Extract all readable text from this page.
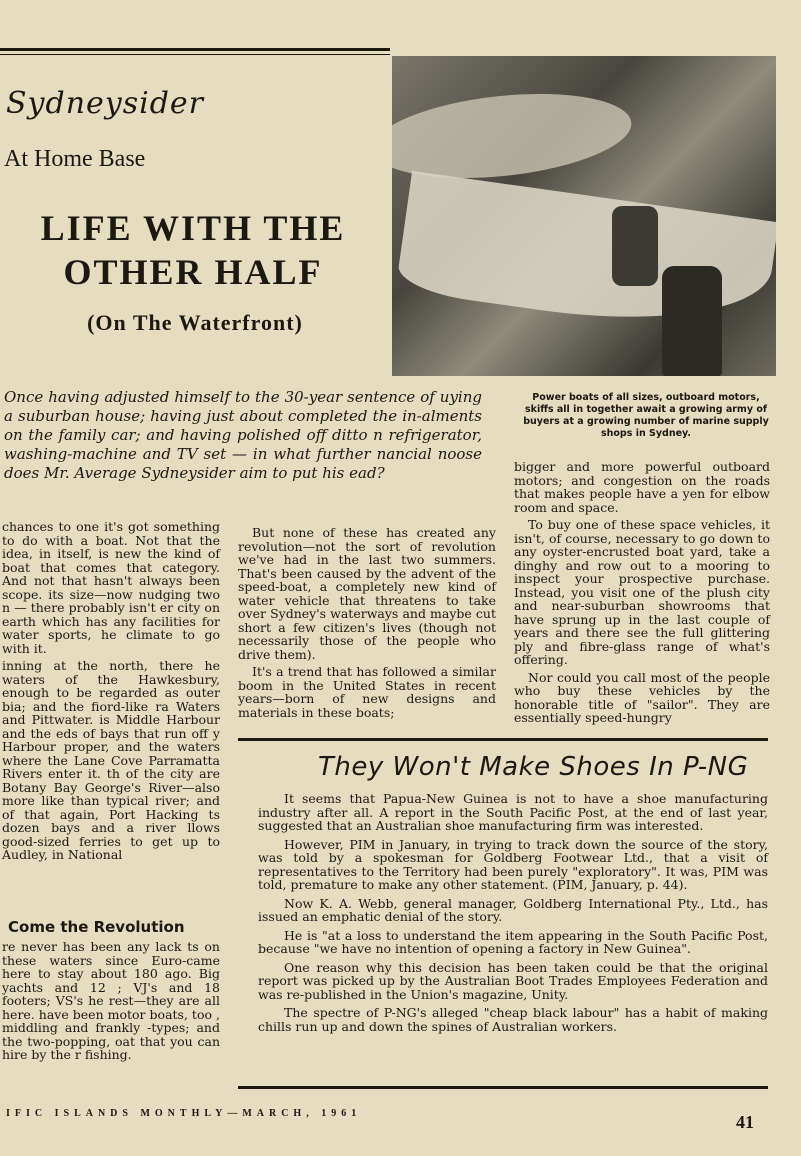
Sydneysider
At Home Base
LIFE WITH THE
OTHER HALF
(On The Waterfront)
Power boats of all sizes, outboard motors, skiffs all in together await a growing army of buyers at a growing number of marine supply shops in Sydney.
Once having adjusted himself to the 30-year sentence of uying a suburban house; having just about completed the in-alments on the family car; and having polished off ditto n refrigerator, washing-machine and TV set — in what further nancial noose does Mr. Average Sydneysider aim to put his ead?

chances to one it's got something to do with a boat. Not that the idea, in itself, is new the kind of boat that comes that category. And not that hasn't always been scope. its size—now nudging two n — there probably isn't er city on earth which has any facilities for water sports, he climate to go with it.

inning at the north, there he waters of the Hawkesbury, enough to be regarded as outer bia; and the fiord-like ra Waters and Pittwater. is Middle Harbour and the eds of bays that run off y Harbour proper, and the waters where the Lane Cove Parramatta Rivers enter it. th of the city are Botany Bay George's River—also more like than typical river; and of that again, Port Hacking ts dozen bays and a river llows good-sized ferries to get up to Audley, in National

Come the Revolution

re never has been any lack ts on these waters since Euro-came here to stay about 180 ago. Big yachts and 12 ; VJ's and 18 footers; VS's he rest—they are all here. have been motor boats, too , middling and frankly -types; and the two-popping, oat that you can hire by the r fishing.

But none of these has created any revolution—not the sort of revolution we've had in the last two summers. That's been caused by the advent of the speed-boat, a completely new kind of water vehicle that threatens to take over Sydney's waterways and maybe cut short a few citizen's lives (though not necessarily those of the people who drive them).

It's a trend that has followed a similar boom in the United States in recent years—born of new designs and materials in these boats;

bigger and more powerful outboard motors; and congestion on the roads that makes people have a yen for elbow room and space.

To buy one of these space vehicles, it isn't, of course, necessary to go down to any oyster-encrusted boat yard, take a dinghy and row out to a mooring to inspect your prospective purchase. Instead, you visit one of the plush city and near-suburban showrooms that have sprung up in the last couple of years and there see the full glittering ply and fibre-glass range of what's offering.

Nor could you call most of the people who buy these vehicles by the honorable title of "sailor". They are essentially speed-hungry

They Won't Make Shoes In P-NG

It seems that Papua-New Guinea is not to have a shoe manufacturing industry after all. A report in the South Pacific Post, at the end of last year, suggested that an Australian shoe manufacturing firm was interested.

However, PIM in January, in trying to track down the source of the story, was told by a spokesman for Goldberg Footwear Ltd., that a visit of representatives to the Territory had been purely "exploratory". It was, PIM was told, premature to make any other statement. (PIM, January, p. 44).

Now K. A. Webb, general manager, Goldberg International Pty., Ltd., has issued an emphatic denial of the story.

He is "at a loss to understand the item appearing in the South Pacific Post, because "we have no intention of opening a factory in New Guinea".

One reason why this decision has been taken could be that the original report was picked up by the Australian Boot Trades Employees Federation and was re-published in the Union's magazine, Unity.

The spectre of P-NG's alleged "cheap black labour" has a habit of making chills run up and down the spines of Australian workers.

IFIC ISLANDS MONTHLY—MARCH, 1961	41
